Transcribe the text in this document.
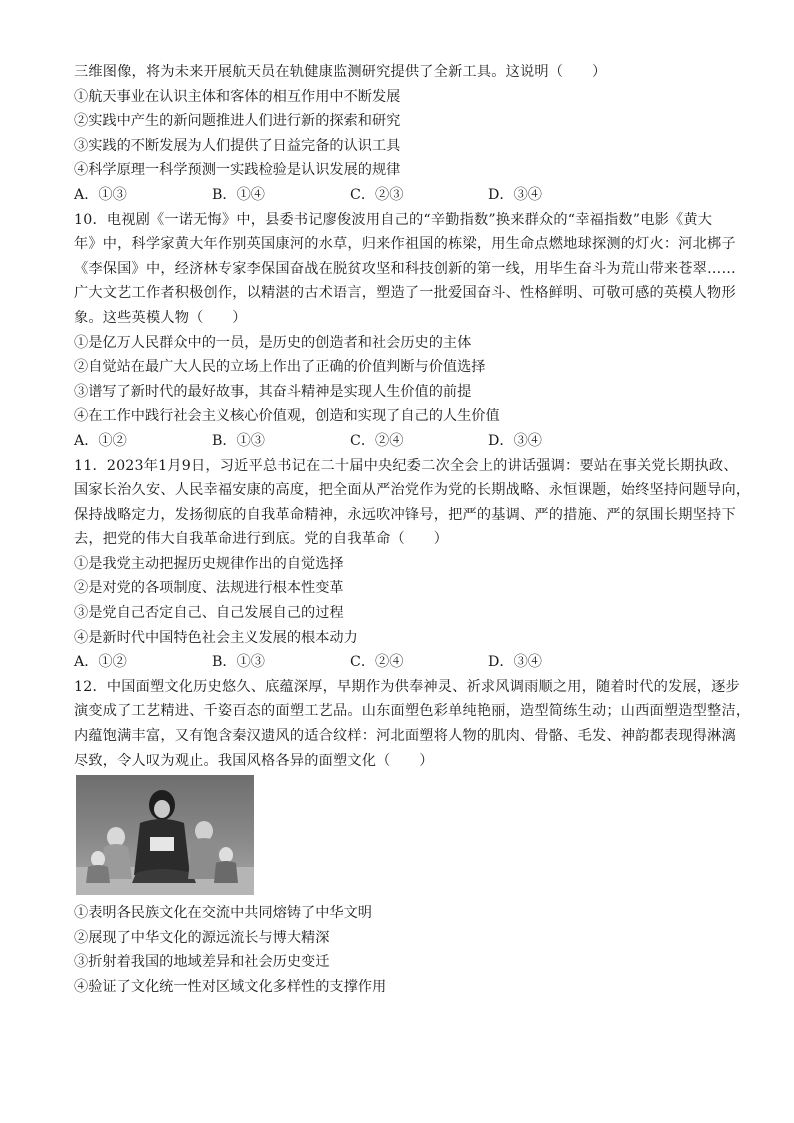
三维图像，将为未来开展航天员在轨健康监测研究提供了全新工具。这说明（　　）
①航天事业在认识主体和客体的相互作用中不断发展
②实践中产生的新问题推进人们进行新的探索和研究
③实践的不断发展为人们提供了日益完备的认识工具
④科学原理一科学预测一实践检验是认识发展的规律
A．①③	B．①④	C．②③	D．③④
10．电视剧《一诺无悔》中，县委书记廖俊波用自己的“辛勤指数”换来群众的“幸福指数”电影《黄大
年》中，科学家黄大年作别英国康河的水草，归来作祖国的栋梁，用生命点燃地球探测的灯火：河北梆子
《李保国》中，经济林专家李保国奋战在脱贫攻坚和科技创新的第一线，用毕生奋斗为荒山带来苍翠……
广大文艺工作者积极创作，以精湛的古术语言，塑造了一批爱国奋斗、性格鲜明、可敬可感的英模人物形
象。这些英模人物（　　）
①是亿万人民群众中的一员，是历史的创造者和社会历史的主体
②自觉站在最广大人民的立场上作出了正确的价值判断与价值选择
③谱写了新时代的最好故事，其奋斗精神是实现人生价值的前提
④在工作中践行社会主义核心价值观，创造和实现了自己的人生价值
A．①②	B．①③	C．②④	D．③④
11．2023年1月9日，习近平总书记在二十届中央纪委二次全会上的讲话强调：要站在事关党长期执政、
国家长治久安、人民幸福安康的高度，把全面从严治党作为党的长期战略、永恒课题，始终坚持问题导向，
保持战略定力，发扬彻底的自我革命精神，永远吹冲锋号，把严的基调、严的措施、严的氛围长期坚持下
去，把党的伟大自我革命进行到底。党的自我革命（　　）
①是我党主动把握历史规律作出的自觉选择
②是对党的各项制度、法规进行根本性变革
③是党自己否定自己、自己发展自己的过程
④是新时代中国特色社会主义发展的根本动力
A．①②	B．①③	C．②④	D．③④
12．中国面塑文化历史悠久、底蕴深厚，早期作为供奉神灵、祈求风调雨顺之用，随着时代的发展，逐步
演变成了工艺精进、千姿百态的面塑工艺品。山东面塑色彩单纯艳丽，造型简练生动；山西面塑造型整洁，
内蕴饱满丰富，又有饱含秦汉遗风的适合纹样：河北面塑将人物的肌肉、骨骼、毛发、神韵都表现得淋漓
尽致，令人叹为观止。我国风格各异的面塑文化（　　）
①表明各民族文化在交流中共同熔铸了中华文明
②展现了中华文化的源远流长与博大精深
③折射着我国的地域差异和社会历史变迁
④验证了文化统一性对区域文化多样性的支撑作用
